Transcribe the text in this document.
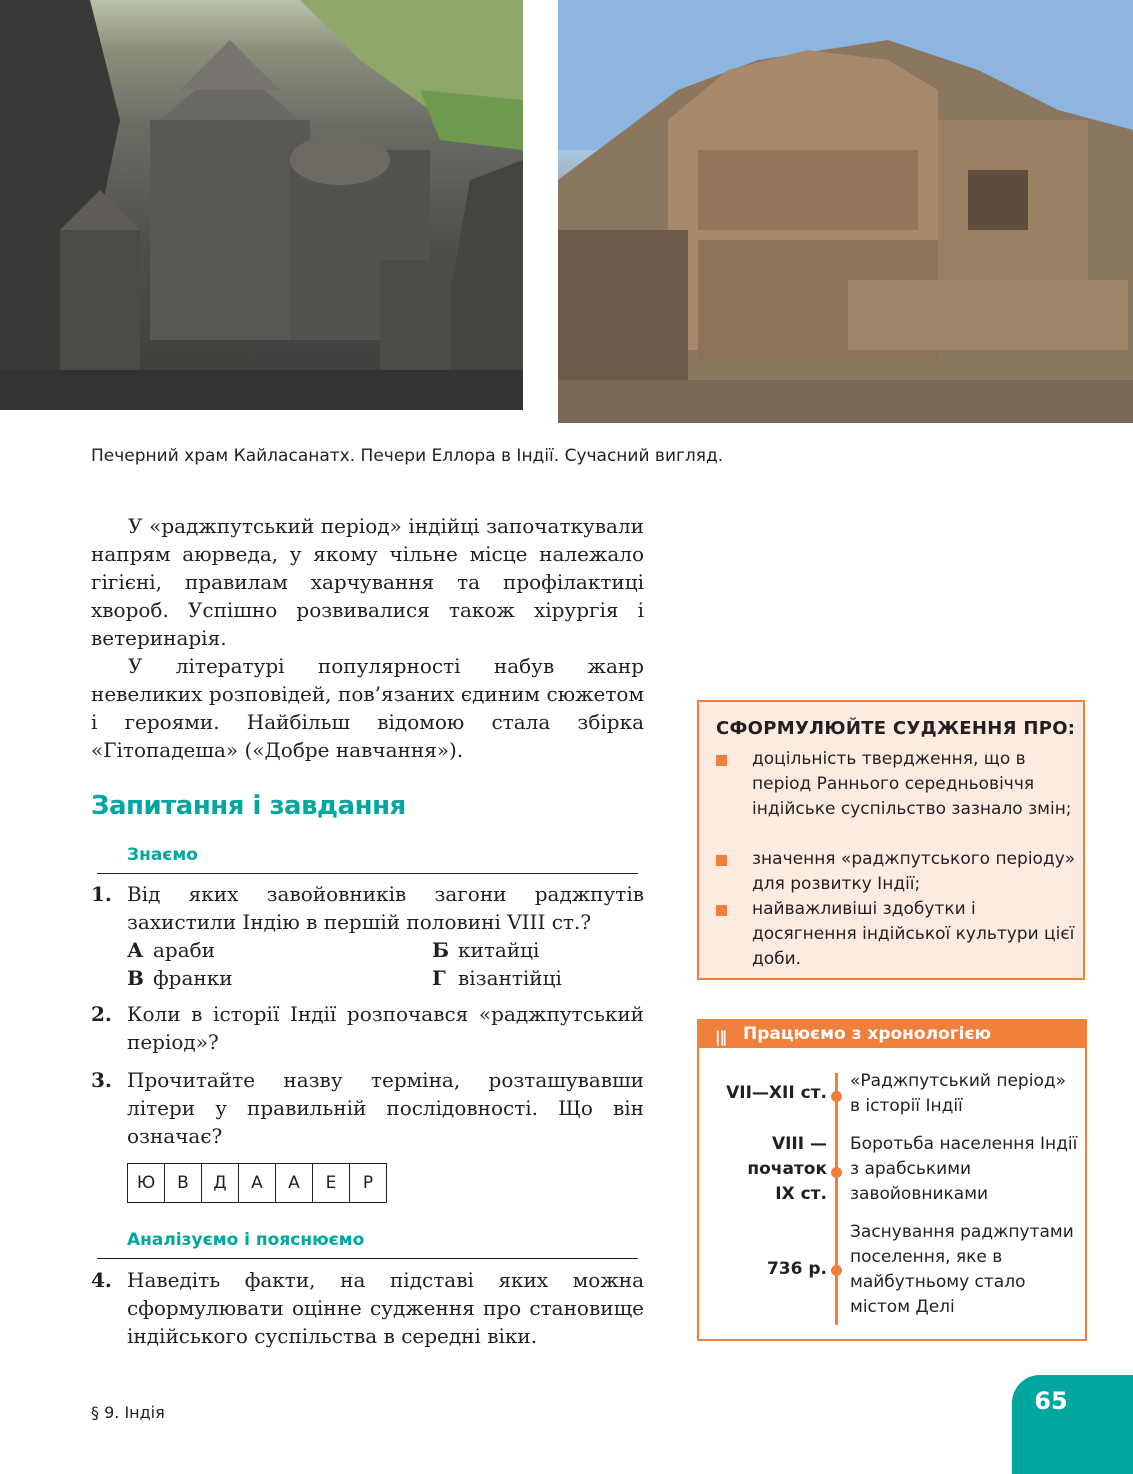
Печерний храм Кайласанатх. Печери Еллора в Індії. Сучасний вигляд.

У «раджпутський період» індійці започаткували напрям аюрведа, у якому чільне місце належало гігієні, правилам харчування та профілактиці хвороб. Успішно розвивалися також хірургія і ветеринарія.

У літературі популярності набув жанр невеликих розповідей, пов’язаних єдиним сюжетом і героями. Найбільш відомою стала збірка «Гітопадеша» («Добре навчання»).

Запитання і завдання
Знаємо
1. Від яких завойовників загони раджпутів захистили Індію в першій половині VIII ст.?
А араби	Б китайці
В франки	Г візантійці
2. Коли в історії Індії розпочався «раджпутський період»?
3. Прочитайте назву терміна, розташувавши літери у правильній послідовності. Що він означає?
Ю	В	Д	А	А	Е	Р
Аналізуємо і пояснюємо
4. Наведіть факти, на підставі яких можна сформулювати оцінне судження про становище індійського суспільства в середні віки.
СФОРМУЛЮЙТЕ СУДЖЕННЯ ПРО:
доцільність твердження, що в період Раннього середньовіччя індійське суспільство зазнало змін;
значення «раджпутського періоду» для розвитку Індії;
найважливіші здобутки і досягнення індійської культури цієї доби.
|‖ Працюємо з хронологією
VII—XII ст.
«Раджпутський період» в історії Індії
VIII — початок IX ст.
Боротьба населення Індії з арабськими завойовниками
736 р.
Заснування раджпутами поселення, яке в майбутньому стало містом Делі
§ 9. Індія	65
